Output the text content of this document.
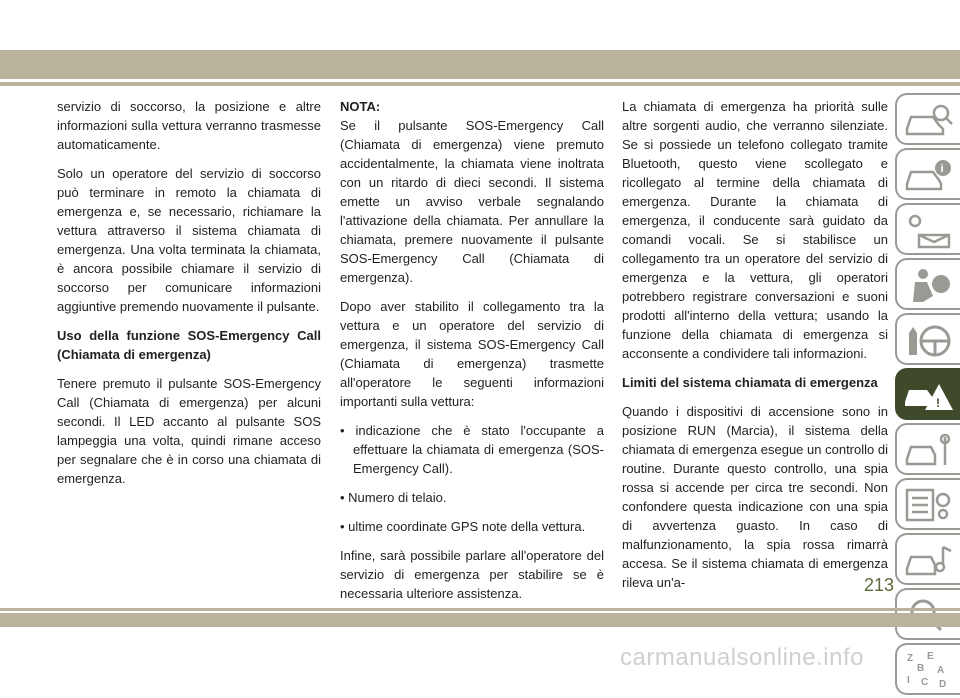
servizio di soccorso, la posizione e altre informazioni sulla vettura verranno trasmesse automaticamente.

Solo un operatore del servizio di soccorso può terminare in remoto la chiamata di emergenza e, se necessario, richiamare la vettura attraverso il sistema chiamata di emergenza. Una volta terminata la chiamata, è ancora possibile chiamare il servizio di soccorso per comunicare informazioni aggiuntive premendo nuovamente il pulsante.

Uso della funzione SOS-Emergency Call (Chiamata di emergenza)

Tenere premuto il pulsante SOS-Emergency Call (Chiamata di emergenza) per alcuni secondi. Il LED accanto al pulsante SOS lampeggia una volta, quindi rimane acceso per segnalare che è in corso una chiamata di emergenza.

NOTA:

Se il pulsante SOS-Emergency Call (Chiamata di emergenza) viene premuto accidentalmente, la chiamata viene inoltrata con un ritardo di dieci secondi. Il sistema emette un avviso verbale segnalando l'attivazione della chiamata. Per annullare la chiamata, premere nuovamente il pulsante SOS-Emergency Call (Chiamata di emergenza).

Dopo aver stabilito il collegamento tra la vettura e un operatore del servizio di emergenza, il sistema SOS-Emergency Call (Chiamata di emergenza) trasmette all'operatore le seguenti informazioni importanti sulla vettura:

• indicazione che è stato l'occupante a effettuare la chiamata di emergenza (SOS-Emergency Call).

• Numero di telaio.

• ultime coordinate GPS note della vettura.

Infine, sarà possibile parlare all'operatore del servizio di emergenza per stabilire se è necessaria ulteriore assistenza.

La chiamata di emergenza ha priorità sulle altre sorgenti audio, che verranno silenziate. Se si possiede un telefono collegato tramite Bluetooth, questo viene scollegato e ricollegato al termine della chiamata di emergenza. Durante la chiamata di emergenza, il conducente sarà guidato da comandi vocali. Se si stabilisce un collegamento tra un operatore del servizio di emergenza e la vettura, gli operatori potrebbero registrare conversazioni e suoni prodotti all'interno della vettura; usando la funzione della chiamata di emergenza si acconsente a condividere tali informazioni.

Limiti del sistema chiamata di emergenza

Quando i dispositivi di accensione sono in posizione RUN (Marcia), il sistema della chiamata di emergenza esegue un controllo di routine. Durante questo controllo, una spia rossa si accende per circa tre secondi. Non confondere questa indicazione con una spia di avvertenza guasto. In caso di malfunzionamento, la spia rossa rimarrà accesa. Se il sistema chiamata di emergenza rileva un'a-

i
!
Z E
B A
I C D
213
carmanualsonline.info
